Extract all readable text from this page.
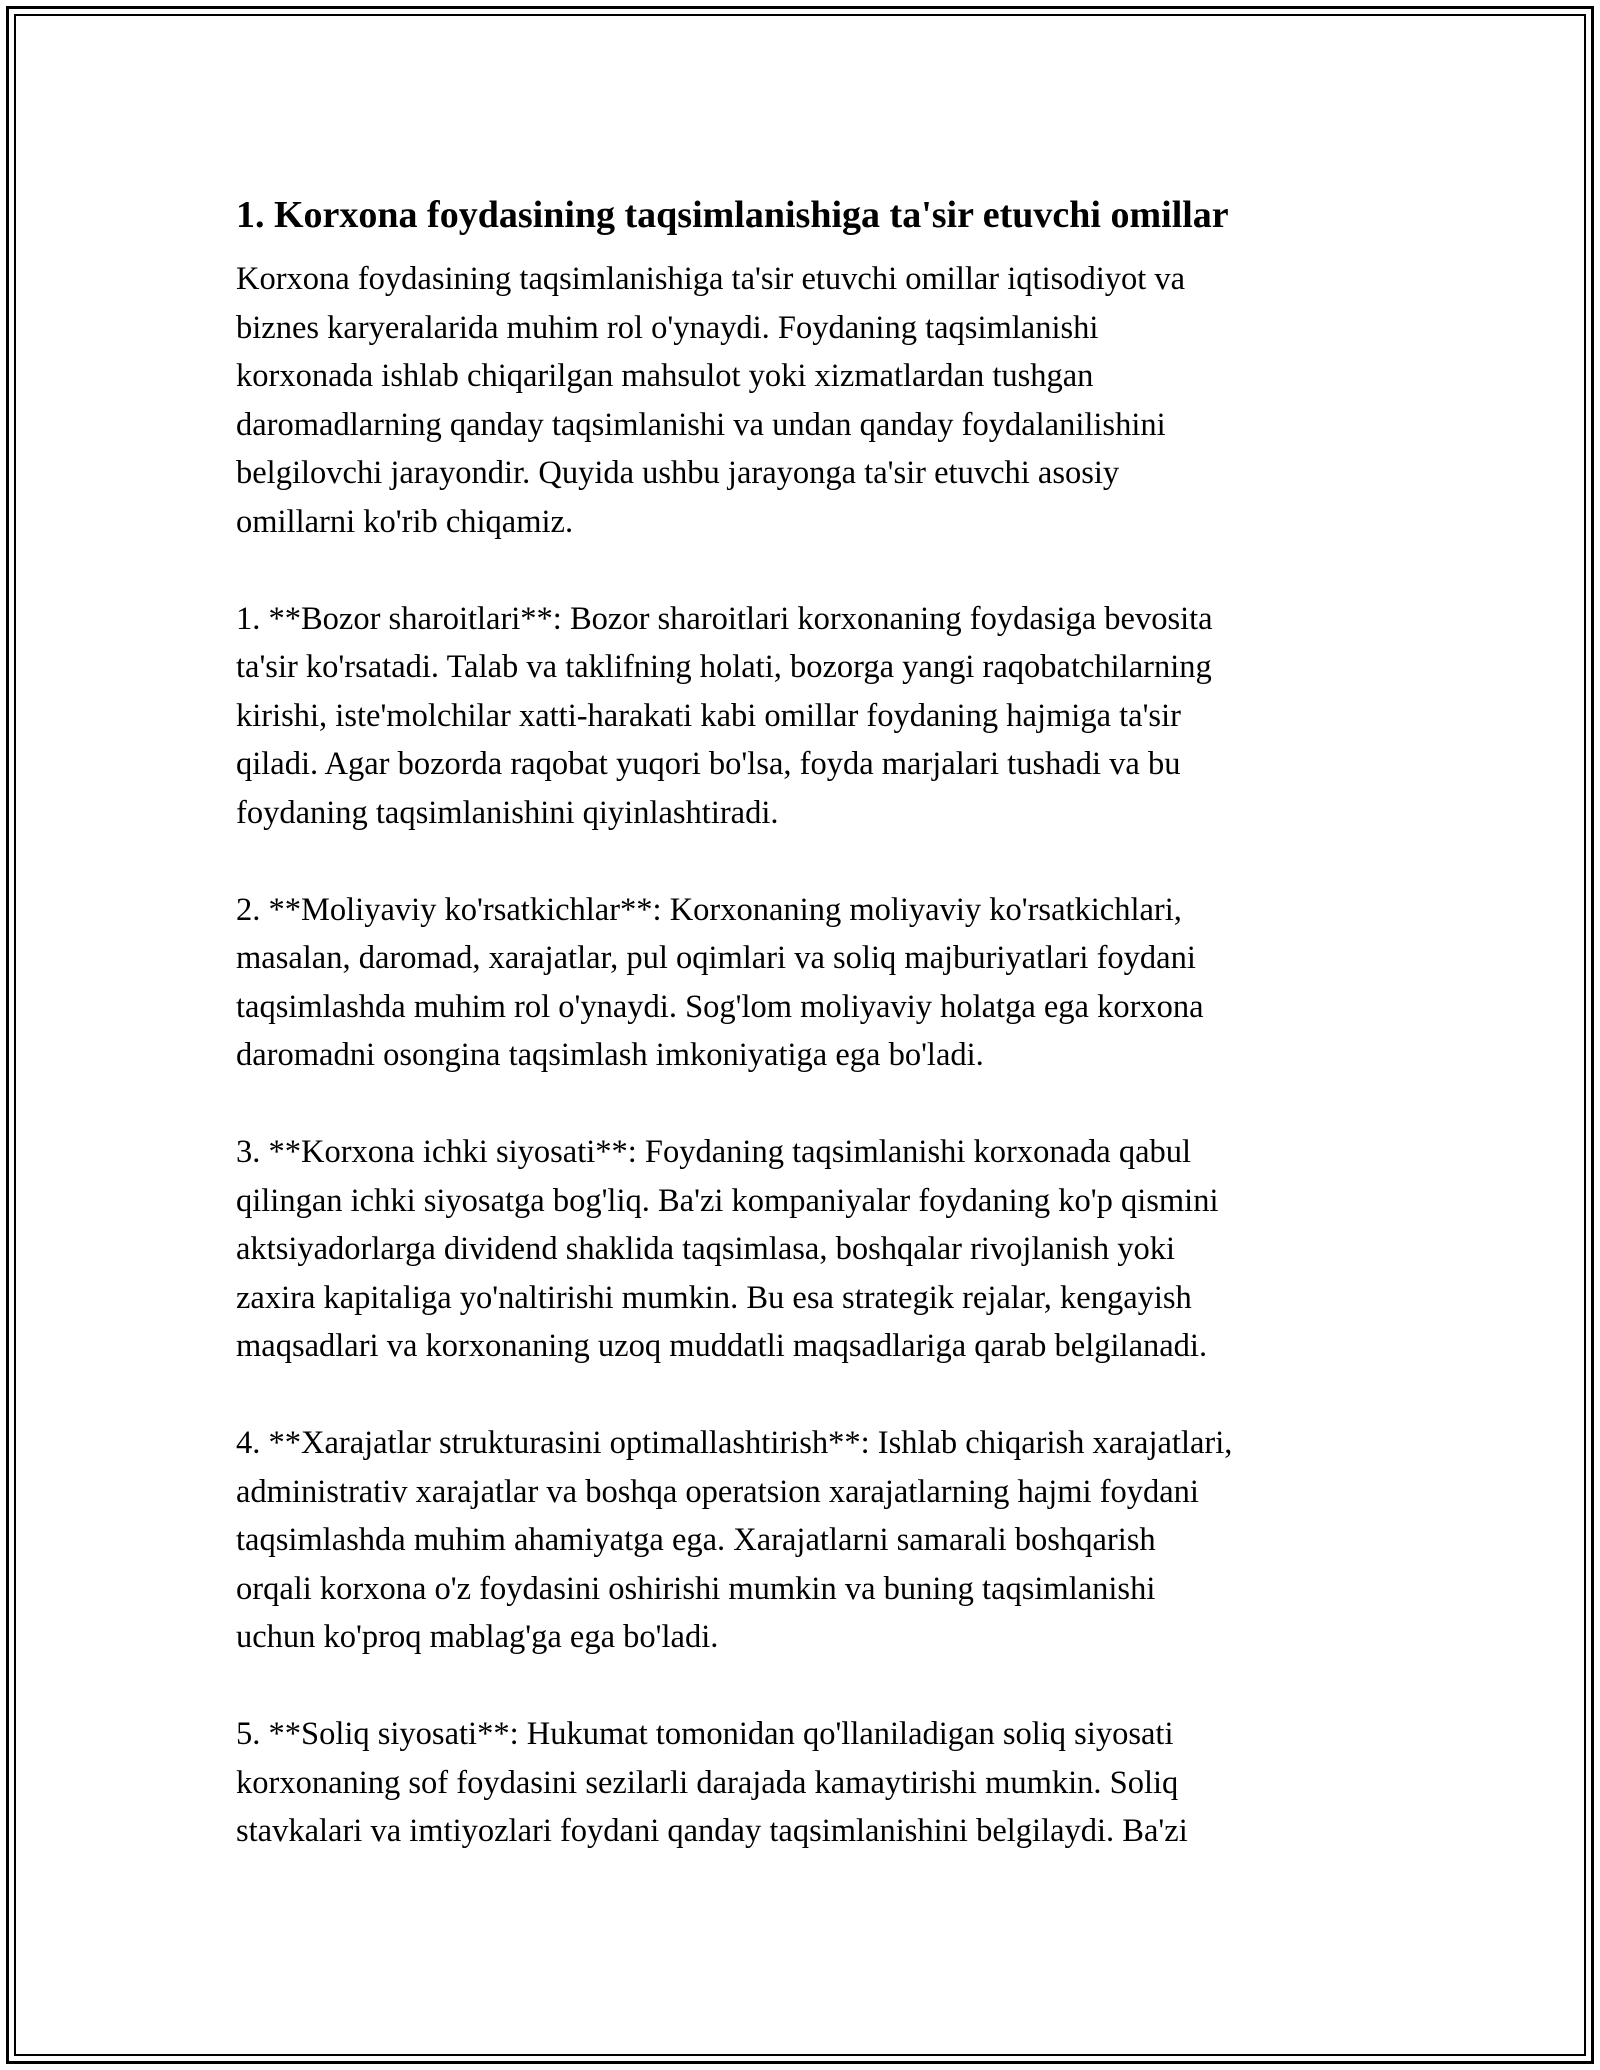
1. Korxona foydasining taqsimlanishiga ta'sir etuvchi omillar
Korxona foydasining taqsimlanishiga ta'sir etuvchi omillar iqtisodiyot va
biznes karyeralarida muhim rol o'ynaydi. Foydaning taqsimlanishi
korxonada ishlab chiqarilgan mahsulot yoki xizmatlardan tushgan
daromadlarning qanday taqsimlanishi va undan qanday foydalanilishini
belgilovchi jarayondir. Quyida ushbu jarayonga ta'sir etuvchi asosiy
omillarni ko'rib chiqamiz.
1. **Bozor sharoitlari**: Bozor sharoitlari korxonaning foydasiga bevosita
ta'sir ko'rsatadi. Talab va taklifning holati, bozorga yangi raqobatchilarning
kirishi, iste'molchilar xatti-harakati kabi omillar foydaning hajmiga ta'sir
qiladi. Agar bozorda raqobat yuqori bo'lsa, foyda marjalari tushadi va bu
foydaning taqsimlanishini qiyinlashtiradi.
2. **Moliyaviy ko'rsatkichlar**: Korxonaning moliyaviy ko'rsatkichlari,
masalan, daromad, xarajatlar, pul oqimlari va soliq majburiyatlari foydani
taqsimlashda muhim rol o'ynaydi. Sog'lom moliyaviy holatga ega korxona
daromadni osongina taqsimlash imkoniyatiga ega bo'ladi.
3. **Korxona ichki siyosati**: Foydaning taqsimlanishi korxonada qabul
qilingan ichki siyosatga bog'liq. Ba'zi kompaniyalar foydaning ko'p qismini
aktsiyadorlarga dividend shaklida taqsimlasa, boshqalar rivojlanish yoki
zaxira kapitaliga yo'naltirishi mumkin. Bu esa strategik rejalar, kengayish
maqsadlari va korxonaning uzoq muddatli maqsadlariga qarab belgilanadi.
4. **Xarajatlar strukturasini optimallashtirish**: Ishlab chiqarish xarajatlari,
administrativ xarajatlar va boshqa operatsion xarajatlarning hajmi foydani
taqsimlashda muhim ahamiyatga ega. Xarajatlarni samarali boshqarish
orqali korxona o'z foydasini oshirishi mumkin va buning taqsimlanishi
uchun ko'proq mablag'ga ega bo'ladi.
5. **Soliq siyosati**: Hukumat tomonidan qo'llaniladigan soliq siyosati
korxonaning sof foydasini sezilarli darajada kamaytirishi mumkin. Soliq
stavkalari va imtiyozlari foydani qanday taqsimlanishini belgilaydi. Ba'zi
